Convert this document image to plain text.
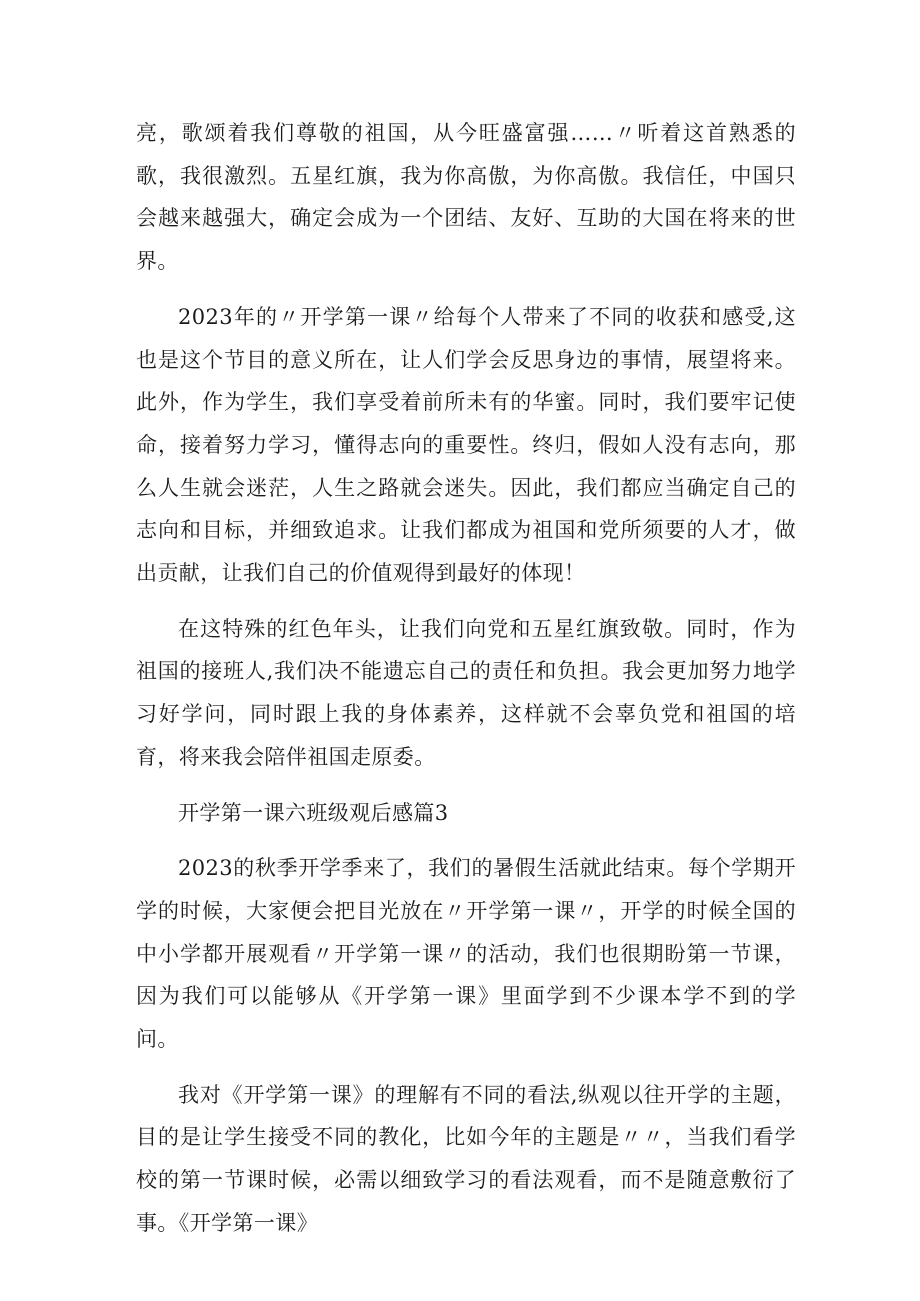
亮，歌颂着我们尊敬的祖国，从今旺盛富强……〃听着这首熟悉的歌，我很激烈。五星红旗，我为你高傲，为你高傲。我信任，中国只会越来越强大，确定会成为一个团结、友好、互助的大国在将来的世界。

2023年的〃开学第一课〃给每个人带来了不同的收获和感受,这也是这个节目的意义所在，让人们学会反思身边的事情，展望将来。此外，作为学生，我们享受着前所未有的华蜜。同时，我们要牢记使命，接着努力学习，懂得志向的重要性。终归，假如人没有志向，那么人生就会迷茫，人生之路就会迷失。因此，我们都应当确定自己的志向和目标，并细致追求。让我们都成为祖国和党所须要的人才，做出贡献，让我们自己的价值观得到最好的体现！

在这特殊的红色年头，让我们向党和五星红旗致敬。同时，作为祖国的接班人,我们决不能遗忘自己的责任和负担。我会更加努力地学习好学问，同时跟上我的身体素养，这样就不会辜负党和祖国的培育，将来我会陪伴祖国走原委。

开学第一课六班级观后感篇3

2023的秋季开学季来了，我们的暑假生活就此结束。每个学期开学的时候，大家便会把目光放在〃开学第一课〃，开学的时候全国的中小学都开展观看〃开学第一课〃的活动，我们也很期盼第一节课，因为我们可以能够从《开学第一课》里面学到不少课本学不到的学问。

我对《开学第一课》的理解有不同的看法,纵观以往开学的主题，目的是让学生接受不同的教化，比如今年的主题是〃〃，当我们看学校的第一节课时候，必需以细致学习的看法观看，而不是随意敷衍了事。《开学第一课》
